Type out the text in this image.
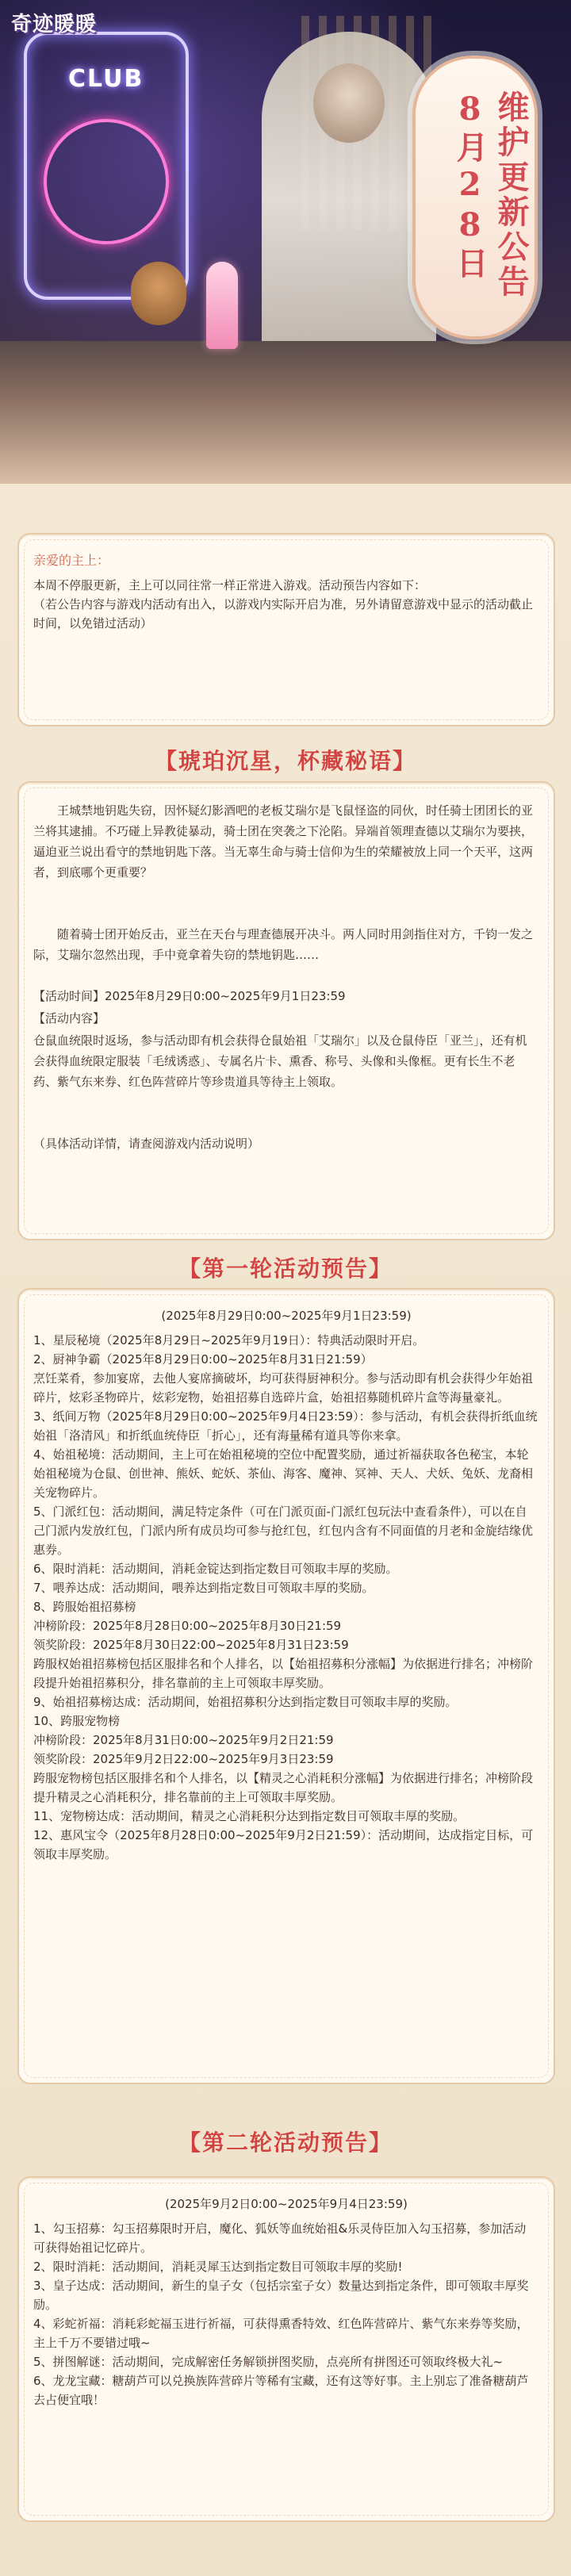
CLUB
奇迹暖暖
维护更新公告
8月28日
亲爱的主上：
本周不停服更新，主上可以同往常一样正常进入游戏。活动预告内容如下：
（若公告内容与游戏内活动有出入，以游戏内实际开启为准，另外请留意游戏中显示的活动截止时间，以免错过活动）
【琥珀沉星，杯藏秘语】
王城禁地钥匙失窃，因怀疑幻影酒吧的老板艾瑞尔是飞鼠怪盗的同伙，时任骑士团团长的亚兰将其逮捕。不巧碰上异教徒暴动，骑士团在突袭之下沦陷。异端首领理查德以艾瑞尔为要挟，逼迫亚兰说出看守的禁地钥匙下落。当无辜生命与骑士信仰为生的荣耀被放上同一个天平，这两者，到底哪个更重要？
随着骑士团开始反击，亚兰在天台与理查德展开决斗。两人同时用剑指住对方，千钧一发之际，艾瑞尔忽然出现，手中竟拿着失窃的禁地钥匙……
【活动时间】2025年8月29日0:00~2025年9月1日23:59
【活动内容】
仓鼠血统限时返场，参与活动即有机会获得仓鼠始祖「艾瑞尔」以及仓鼠侍臣「亚兰」，还有机会获得血统限定服装「毛绒诱惑」、专属名片卡、熏香、称号、头像和头像框。更有长生不老药、紫气东来券、红色阵营碎片等珍贵道具等待主上领取。
（具体活动详情，请查阅游戏内活动说明）
【第一轮活动预告】
(2025年8月29日0:00~2025年9月1日23:59)
1、星辰秘境（2025年8月29日~2025年9月19日）：特典活动限时开启。
2、厨神争霸（2025年8月29日0:00~2025年8月31日21:59）
烹饪菜肴，参加宴席，去他人宴席摘破坏，均可获得厨神积分。参与活动即有机会获得少年始祖碎片，炫彩圣物碎片，炫彩宠物，始祖招募自选碎片盒，始祖招募随机碎片盒等海量豪礼。
3、纸间万物（2025年8月29日0:00~2025年9月4日23:59）：参与活动，有机会获得折纸血统始祖「洛清风」和折纸血统侍臣「折心」，还有海量稀有道具等你来拿。
4、始祖秘境：活动期间，主上可在始祖秘境的空位中配置奖励，通过祈福获取各色秘宝，本轮始祖秘境为仓鼠、创世神、熊妖、蛇妖、茶仙、海客、魔神、冥神、天人、犬妖、兔妖、龙裔相关宠物碎片。
5、门派红包：活动期间，满足特定条件（可在门派页面-门派红包玩法中查看条件），可以在自己门派内发放红包，门派内所有成员均可参与抢红包，红包内含有不同面值的月老和金旋结缘优惠券。
6、限时消耗：活动期间，消耗金锭达到指定数目可领取丰厚的奖励。
7、喂养达成：活动期间，喂养达到指定数目可领取丰厚的奖励。
8、跨服始祖招募榜
冲榜阶段：2025年8月28日0:00~2025年8月30日21:59
领奖阶段：2025年8月30日22:00~2025年8月31日23:59
跨服权始祖招募榜包括区服排名和个人排名，以【始祖招募积分涨幅】为依据进行排名；冲榜阶段提升始祖招募积分，排名靠前的主上可领取丰厚奖励。
9、始祖招募榜达成：活动期间，始祖招募积分达到指定数目可领取丰厚的奖励。
10、跨服宠物榜
冲榜阶段：2025年8月31日0:00~2025年9月2日21:59
领奖阶段：2025年9月2日22:00~2025年9月3日23:59
跨服宠物榜包括区服排名和个人排名，以【精灵之心消耗积分涨幅】为依据进行排名；冲榜阶段提升精灵之心消耗积分，排名靠前的主上可领取丰厚奖励。
11、宠物榜达成：活动期间，精灵之心消耗积分达到指定数目可领取丰厚的奖励。
12、惠风宝令（2025年8月28日0:00~2025年9月2日21:59）：活动期间，达成指定目标，可领取丰厚奖励。
【第二轮活动预告】
(2025年9月2日0:00~2025年9月4日23:59)
1、勾玉招募：勾玉招募限时开启，魔化、狐妖等血统始祖&乐灵侍臣加入勾玉招募，参加活动可获得始祖记忆碎片。
2、限时消耗：活动期间，消耗灵犀玉达到指定数目可领取丰厚的奖励!
3、皇子达成：活动期间，新生的皇子女（包括宗室子女）数量达到指定条件，即可领取丰厚奖励。
4、彩蛇祈福：消耗彩蛇福玉进行祈福，可获得熏香特效、红色阵营碎片、紫气东来券等奖励，主上千万不要错过哦~
5、拼图解谜：活动期间，完成解密任务解锁拼图奖励，点亮所有拼图还可领取终极大礼~
6、龙龙宝藏：糖葫芦可以兑换族阵营碎片等稀有宝藏，还有这等好事。主上别忘了准备糖葫芦去占便宜哦！
